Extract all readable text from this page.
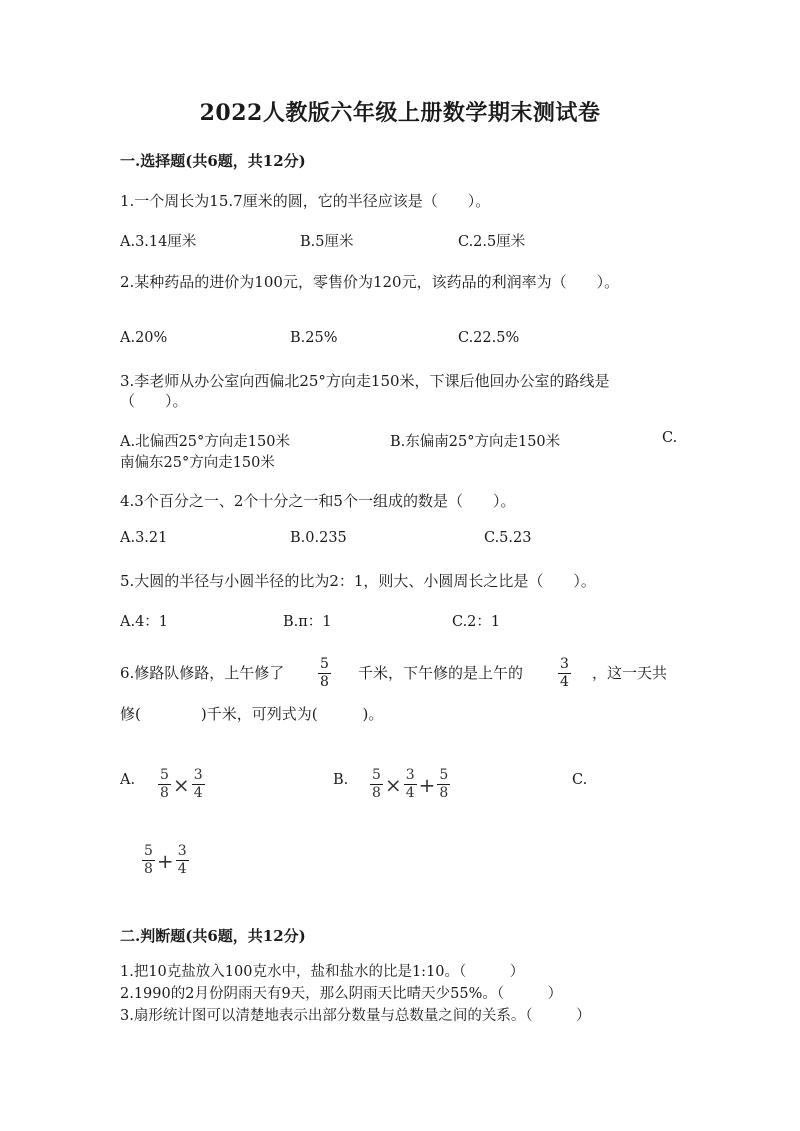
2022人教版六年级上册数学期末测试卷
一.选择题(共6题，共12分)
1.一个周长为15.7厘米的圆，它的半径应该是（　　）。
A.3.14厘米	B.5厘米	C.2.5厘米
2.某种药品的进价为100元，零售价为120元，该药品的利润率为（　　）。
A.20%	B.25%	C.22.5%
3.李老师从办公室向西偏北25°方向走150米，下课后他回办公室的路线是
（　　）。
A.北偏西25°方向走150米	B.东偏南25°方向走150米	C.
南偏东25°方向走150米
4.3个百分之一、2个十分之一和5个一组成的数是（　　）。
A.3.21	B.0.235	C.5.23
5.大圆的半径与小圆半径的比为2：1，则大、小圆周长之比是（　　）。
A.4：1	B.π：1	C.2：1
6.修路队修路，上午修了 $\frac{5}{8}$ 千米，下午修的是上午的 $\frac{3}{4}$ ，这一天共
修(　　　　)千米，可列式为(　　　)。
A. $\frac{5}{8} \times \frac{3}{4}$	B. $\frac{5}{8} \times \frac{3}{4} + \frac{5}{8}$	C.
$\frac{5}{8} + \frac{3}{4}$
二.判断题(共6题，共12分)
1.把10克盐放入100克水中，盐和盐水的比是1:10。（　　　）
2.1990的2月份阴雨天有9天，那么阴雨天比晴天少55%。（　　　）
3.扇形统计图可以清楚地表示出部分数量与总数量之间的关系。（　　　）
